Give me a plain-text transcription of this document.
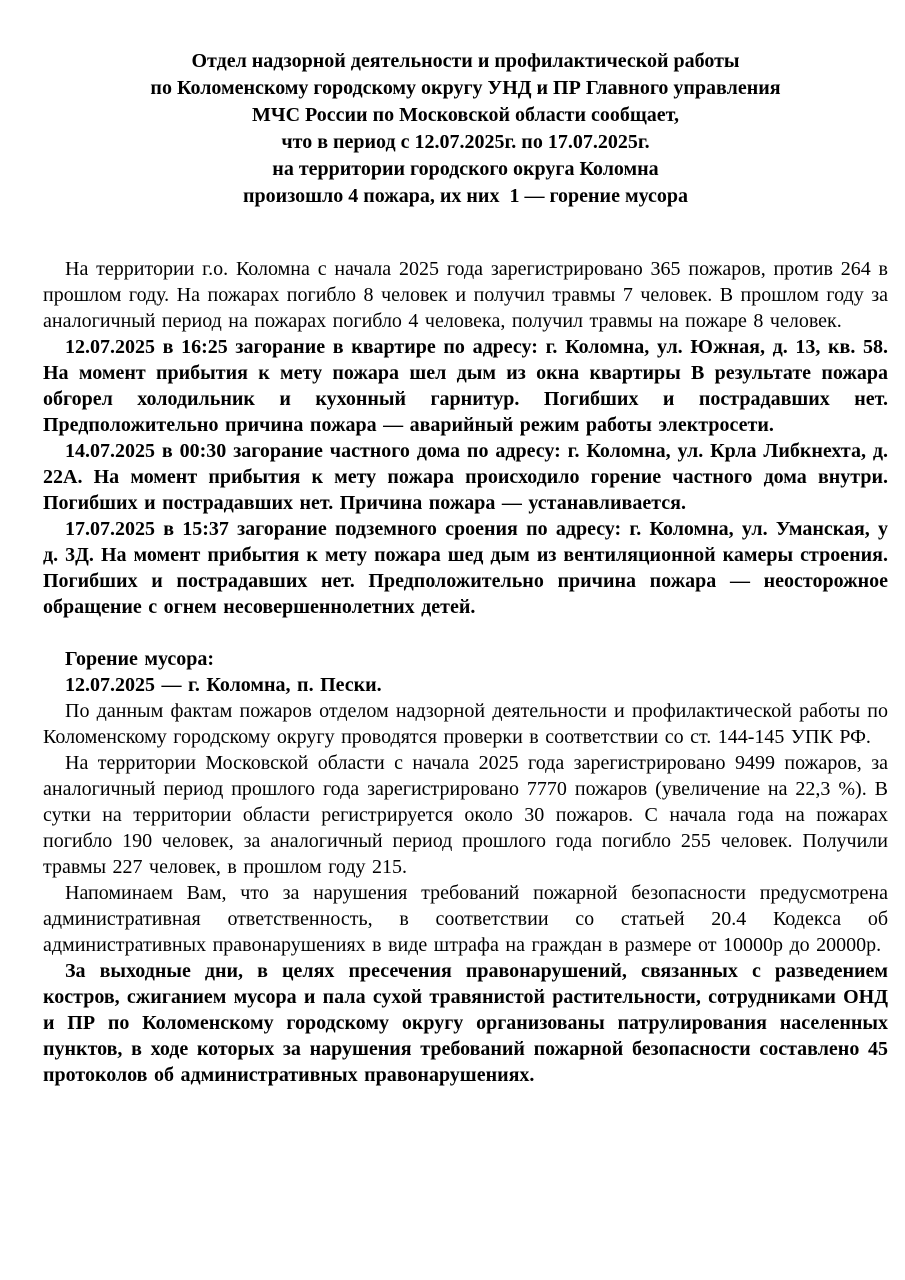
Отдел надзорной деятельности и профилактической работы
по Коломенскому городскому округу УНД и ПР Главного управления
МЧС России по Московской области сообщает,
что в период с 12.07.2025г. по 17.07.2025г.
на территории городского округа Коломна
произошло 4 пожара, их них  1 — горение мусора

На территории г.о. Коломна с начала 2025 года зарегистрировано 365 пожаров, против 264 в прошлом году. На пожарах погибло 8 человек и получил травмы 7 человек. В прошлом году за аналогичный период на пожарах погибло 4 человека, получил травмы на пожаре 8 человек.

12.07.2025 в 16:25 загорание в квартире по адресу: г. Коломна, ул. Южная, д. 13, кв. 58. На момент прибытия к мету пожара шел дым из окна квартиры В результате пожара обгорел холодильник и кухонный гарнитур. Погибших и пострадавших нет. Предположительно причина пожара — аварийный режим работы электросети.

14.07.2025 в 00:30 загорание частного дома по адресу: г. Коломна, ул. Крла Либкнехта, д. 22А. На момент прибытия к мету пожара происходило горение частного дома внутри. Погибших и пострадавших нет. Причина пожара — устанавливается.

17.07.2025 в 15:37 загорание подземного сроения по адресу: г. Коломна, ул. Уманская, у д. 3Д. На момент прибытия к мету пожара шед дым из вентиляционной камеры строения. Погибших и пострадавших нет. Предположительно причина пожара — неосторожное обращение с огнем несовершеннолетних детей.

Горение мусора:

12.07.2025 — г. Коломна, п. Пески.

По данным фактам пожаров отделом надзорной деятельности и профилактической работы по Коломенскому городскому округу проводятся проверки в соответствии со ст. 144-145 УПК РФ.

На территории Московской области с начала 2025 года зарегистрировано 9499 пожаров, за аналогичный период прошлого года зарегистрировано 7770 пожаров (увеличение на 22,3 %). В сутки на территории области регистрируется около 30 пожаров. С начала года на пожарах погибло 190 человек, за аналогичный период прошлого года погибло 255 человек. Получили травмы 227 человек, в прошлом году 215.

Напоминаем Вам, что за нарушения требований пожарной безопасности предусмотрена административная ответственность, в соответствии со статьей 20.4 Кодекса об административных правонарушениях в виде штрафа на граждан в размере от 10000р до 20000р.

За выходные дни, в целях пресечения правонарушений, связанных с разведением костров, сжиганием мусора и пала сухой травянистой растительности, сотрудниками ОНД и ПР по Коломенскому городскому округу организованы патрулирования населенных пунктов, в ходе которых за нарушения требований пожарной безопасности составлено 45 протоколов об административных правонарушениях.
